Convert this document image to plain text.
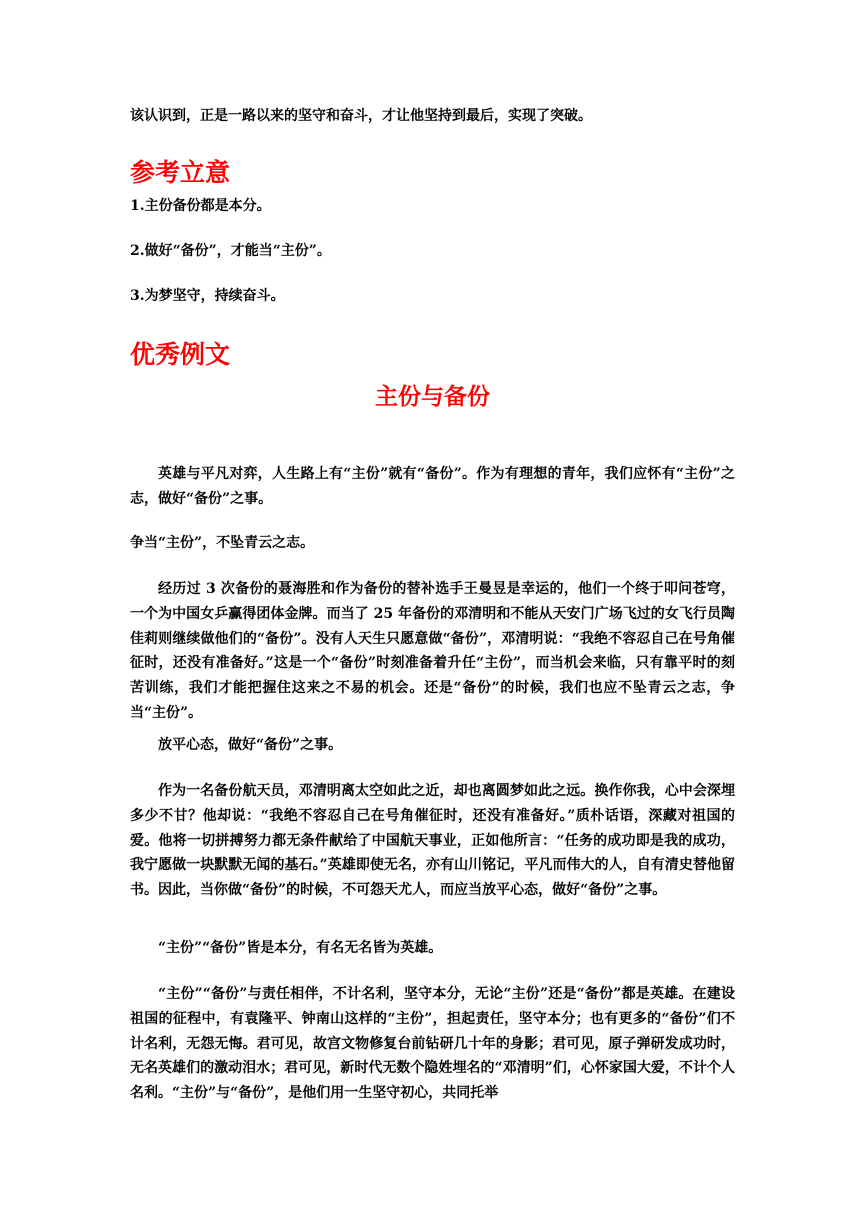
该认识到，正是一路以来的坚守和奋斗，才让他坚持到最后，实现了突破。

参考立意

1.主份备份都是本分。

2.做好“备份”，才能当“主份”。

3.为梦坚守，持续奋斗。

优秀例文
主份与备份

英雄与平凡对弈，人生路上有“主份”就有“备份”。作为有理想的青年，我们应怀有“主份”之志，做好“备份”之事。

争当“主份”，不坠青云之志。

经历过 3 次备份的聂海胜和作为备份的替补选手王曼昱是幸运的，他们一个终于叩问苍穹，一个为中国女乒赢得团体金牌。而当了 25 年备份的邓清明和不能从天安门广场飞过的女飞行员陶佳莉则继续做他们的“备份”。没有人天生只愿意做“备份”，邓清明说：“我绝不容忍自己在号角催征时，还没有准备好。”这是一个“备份”时刻准备着升任“主份”，而当机会来临，只有靠平时的刻苦训练，我们才能把握住这来之不易的机会。还是“备份”的时候，我们也应不坠青云之志，争当“主份”。

放平心态，做好“备份”之事。

作为一名备份航天员，邓清明离太空如此之近，却也离圆梦如此之远。换作你我，心中会深埋多少不甘？他却说：“我绝不容忍自己在号角催征时，还没有准备好。”质朴话语，深藏对祖国的爱。他将一切拼搏努力都无条件献给了中国航天事业，正如他所言：“任务的成功即是我的成功，我宁愿做一块默默无闻的基石。”英雄即使无名，亦有山川铭记，平凡而伟大的人，自有清史替他留书。因此，当你做“备份”的时候，不可怨天尤人，而应当放平心态，做好“备份”之事。

“主份”“备份”皆是本分，有名无名皆为英雄。

“主份”“备份”与责任相伴，不计名利，坚守本分，无论“主份”还是“备份”都是英雄。在建设祖国的征程中，有袁隆平、钟南山这样的“主份”，担起责任，坚守本分；也有更多的“备份”们不计名利，无怨无悔。君可见，故宫文物修复台前钻研几十年的身影；君可见，原子弹研发成功时，无名英雄们的激动泪水；君可见，新时代无数个隐姓埋名的“邓清明”们，心怀家国大爱，不计个人名利。“主份”与“备份”，是他们用一生坚守初心，共同托举
